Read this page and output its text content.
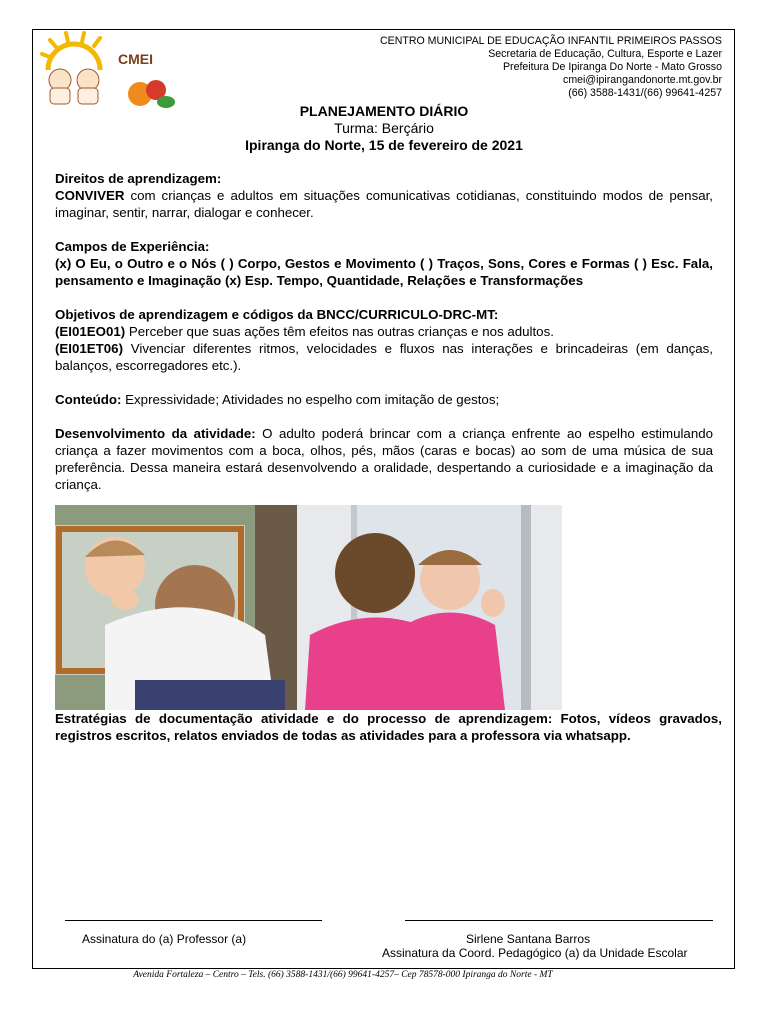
CMEI
CENTRO MUNICIPAL DE EDUCAÇÃO INFANTIL PRIMEIROS PASSOS
Secretaria de Educação, Cultura, Esporte e Lazer
Prefeitura De Ipiranga Do Norte - Mato Grosso
cmei@ipirangandonorte.mt.gov.br
(66) 3588-1431/(66) 99641-4257
PLANEJAMENTO DIÁRIO
Turma: Berçário
Ipiranga do Norte, 15 de fevereiro de 2021

Direitos de aprendizagem:

CONVIVER com crianças e adultos em situações comunicativas cotidianas, constituindo modos de pensar, imaginar, sentir, narrar, dialogar e conhecer.

Campos de Experiência:

(x) O Eu, o Outro e o Nós ( ) Corpo, Gestos e Movimento ( ) Traços, Sons, Cores e Formas ( ) Esc. Fala, pensamento e Imaginação (x) Esp. Tempo, Quantidade, Relações e Transformações

Objetivos de aprendizagem e códigos da BNCC/CURRICULO-DRC-MT:

(EI01EO01) Perceber que suas ações têm efeitos nas outras crianças e nos adultos.

(EI01ET06) Vivenciar diferentes ritmos, velocidades e fluxos nas interações e brincadeiras (em danças, balanços, escorregadores etc.).

Conteúdo: Expressividade; Atividades no espelho com imitação de gestos;

Desenvolvimento da atividade: O adulto poderá brincar com a criança enfrente ao espelho estimulando criança a fazer movimentos com a boca, olhos, pés, mãos (caras e bocas) ao som de uma música de sua preferência. Dessa maneira estará desenvolvendo a oralidade, despertando a curiosidade e a imaginação da criança.

Estratégias de documentação atividade e do processo de aprendizagem: Fotos, vídeos gravados, registros escritos, relatos enviados de todas as atividades para a professora via whatsapp.
Assinatura do (a) Professor (a)	Sirlene Santana Barros
Assinatura da Coord. Pedagógico (a) da Unidade Escolar
Avenida Fortaleza – Centro – Tels. (66) 3588-1431/(66) 99641-4257– Cep 78578-000 Ipiranga do Norte - MT
